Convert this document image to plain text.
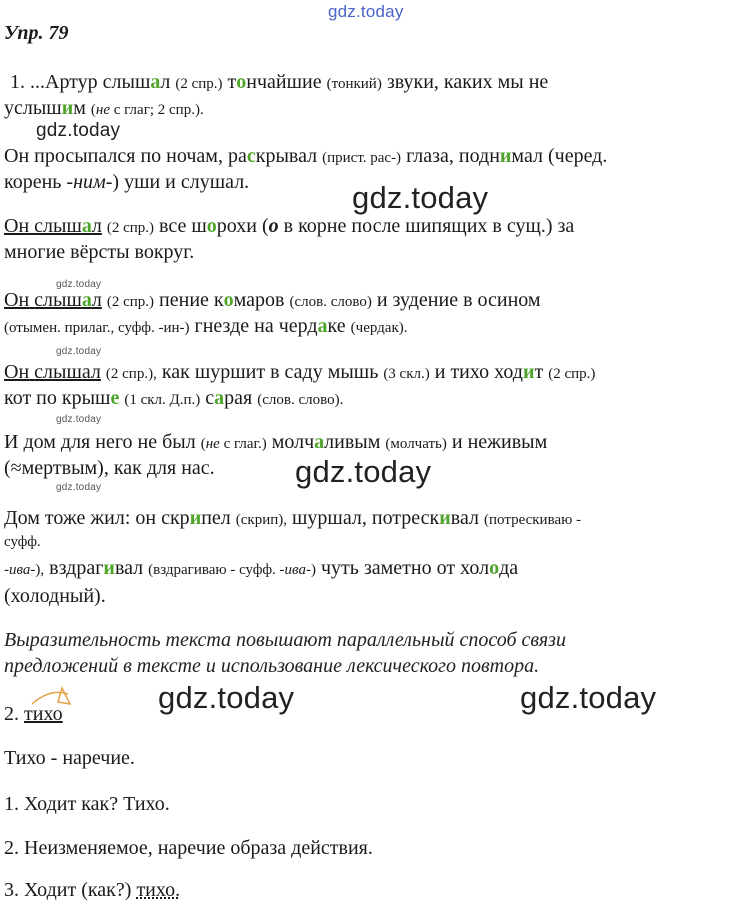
gdz.today
gdz.today
gdz.today
gdz.today
gdz.today
gdz.today
gdz.today
gdz.today
gdz.today	gdz.today
Упр. 79
1. ...Артур слышал (2 спр.) тончайшие (тонкий) звуки, каких мы не
услышим (не с глаг; 2 спр.).
Он просыпался по ночам, раскрывал (прист. рас-) глаза, поднимал (черед.
корень -ним-) уши и слушал.
Он слышал (2 спр.) все шорохи (о в корне после шипящих в сущ.) за
многие вёрсты вокруг.
Он слышал (2 спр.) пение комаров (слов. слово) и зудение в осином
(отымен. прилаг., суфф. -ин-) гнезде на чердаке (чердак).
Он слышал (2 спр.), как шуршит в саду мышь (3 скл.) и тихо ходит (2 спр.)
кот по крыше (1 скл. Д.п.) сарая (слов. слово).
И дом для него не был (не с глаг.) молчаливым (молчать) и неживым
(≈мертвым), как для нас.
Дом тоже жил: он скрипел (скрип), шуршал, потрескивал (потрескиваю -
суфф.
-ива-), вздрагивал (вздрагиваю - суфф. -ива-) чуть заметно от холода
(холодный).
Выразительность текста повышают параллельный способ связи
предложений в тексте и использование лексического повтора.
2. тихо
Тихо - наречие.
1. Ходит как? Тихо.
2. Неизменяемое, наречие образа действия.
3. Ходит (как?) тихо.
